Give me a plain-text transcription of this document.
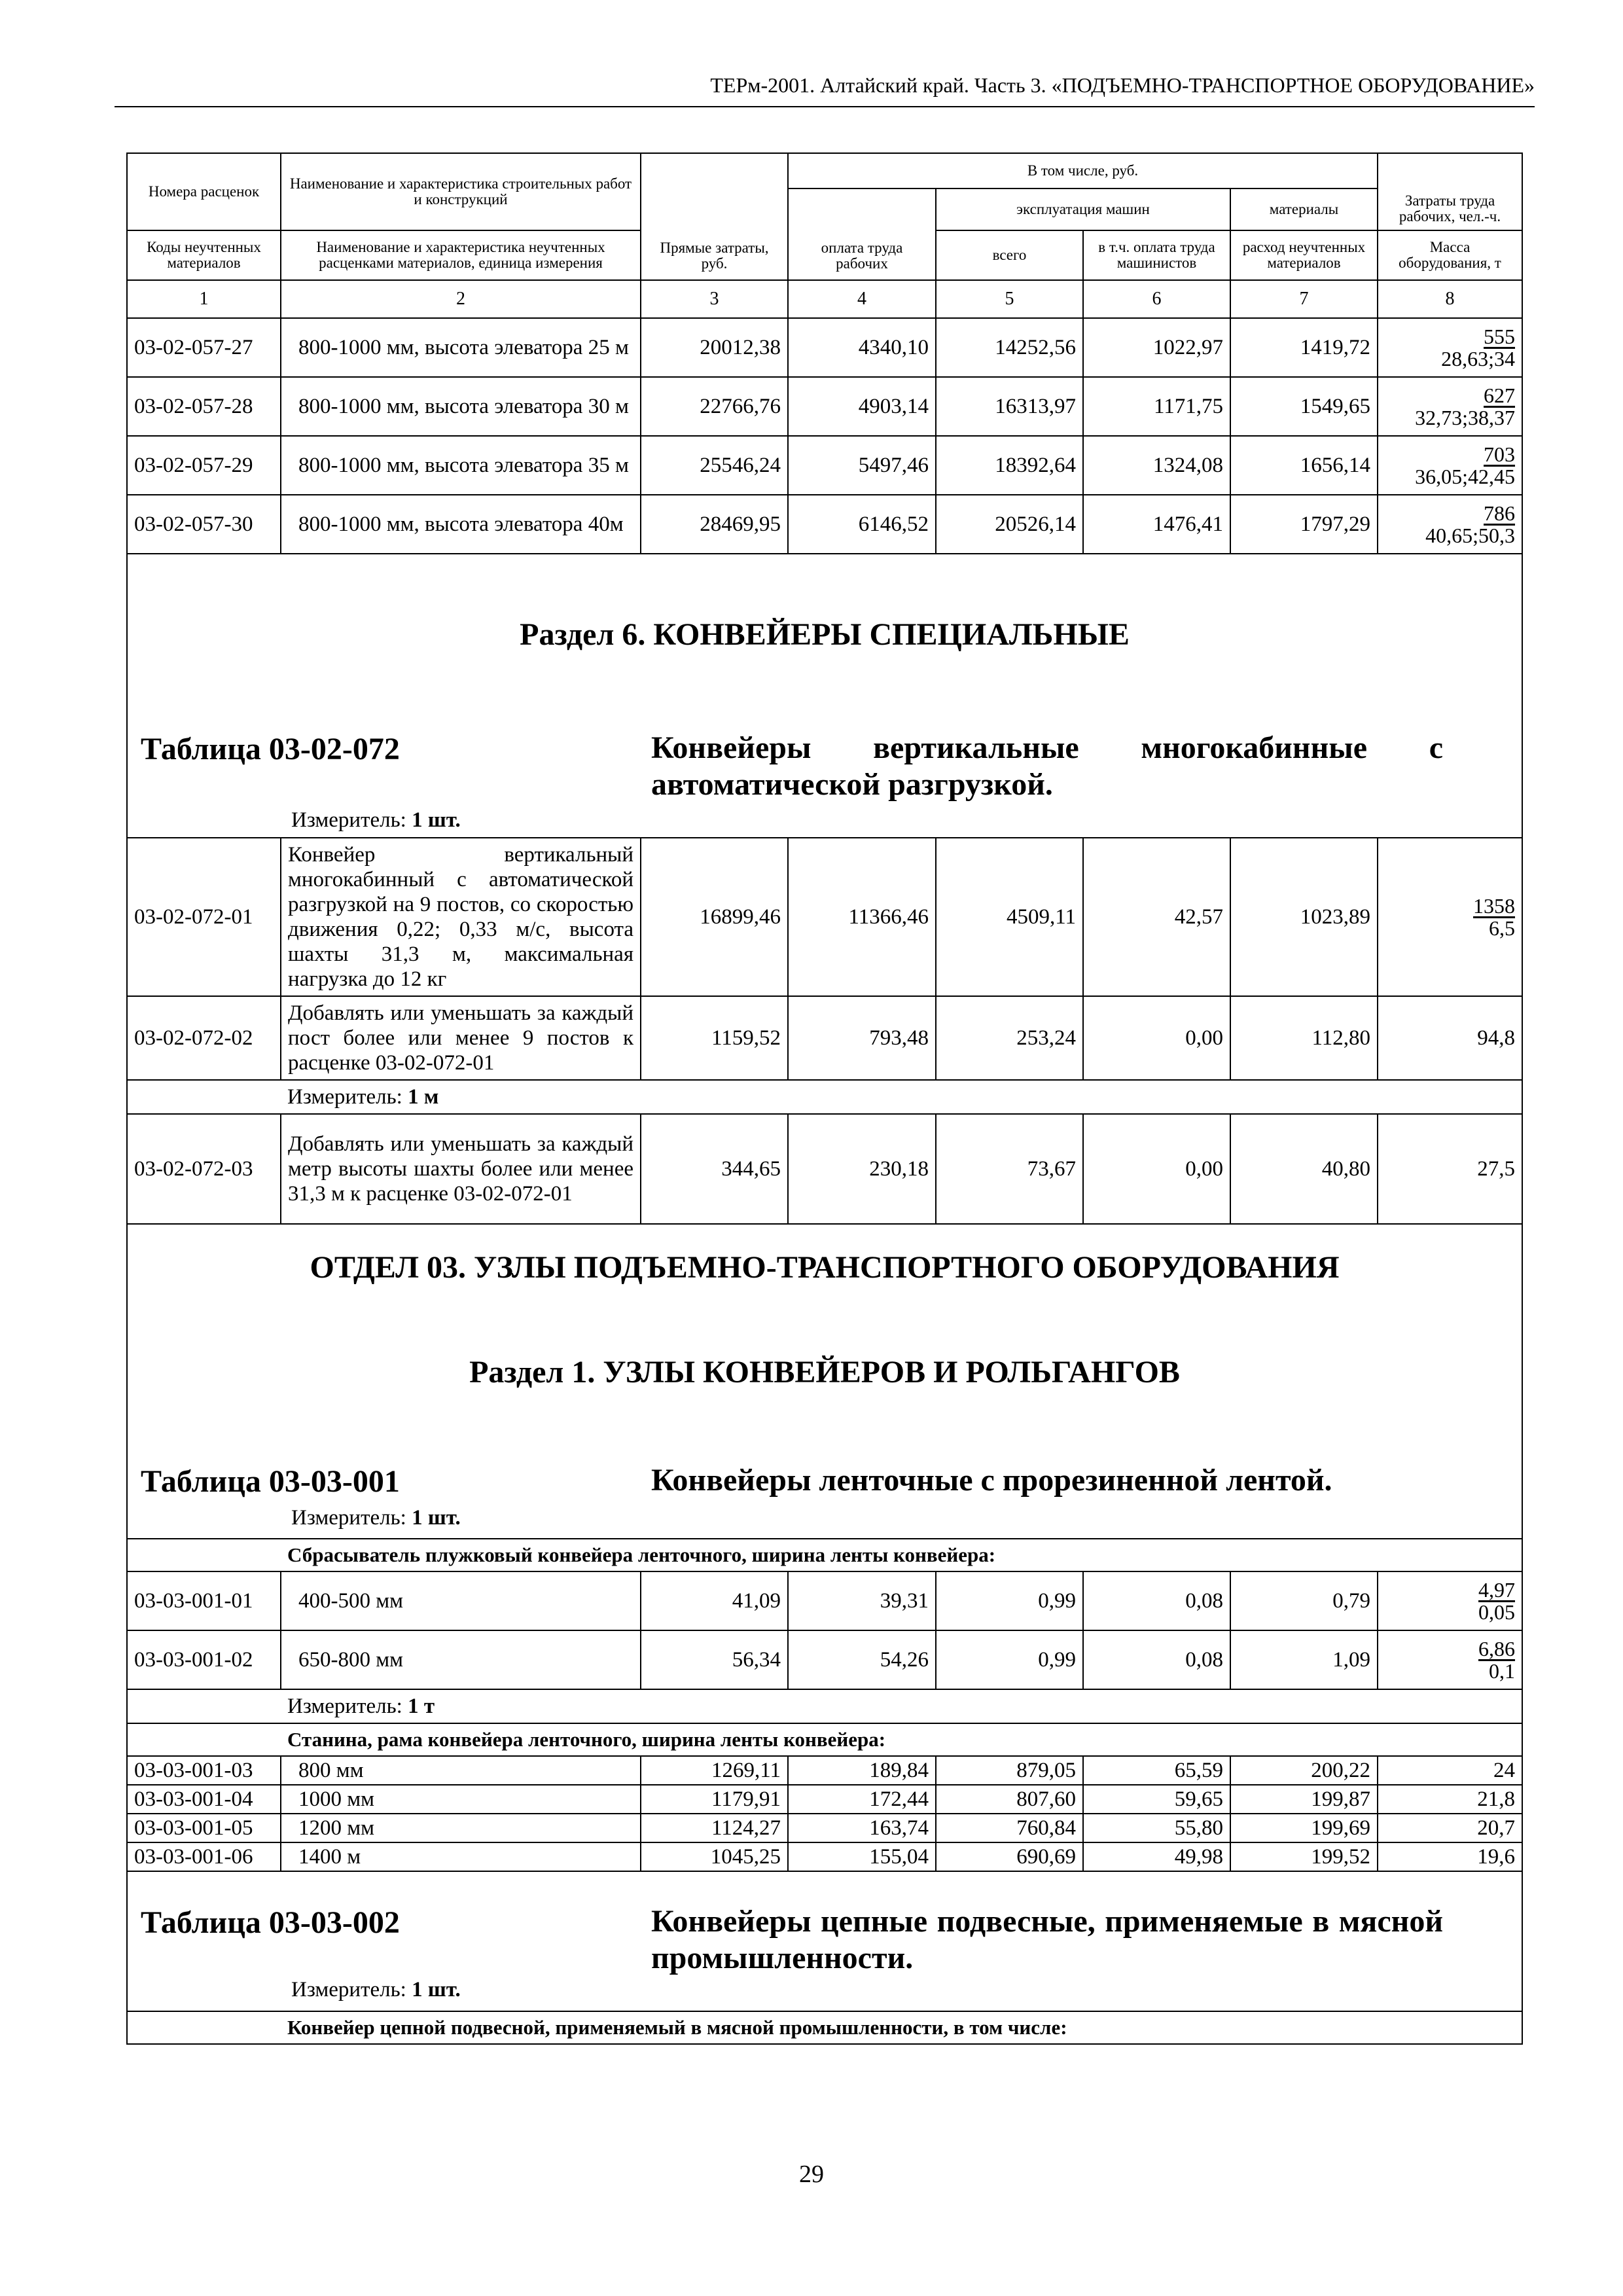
ТЕРм-2001. Алтайский край. Часть 3. «ПОДЪЕМНО-ТРАНСПОРТНОЕ ОБОРУДОВАНИЕ»
Номера расценок	Наименование и характеристика строительных работ и конструкций	Прямые затраты, руб.	В том числе, руб.				Затраты труда рабочих, чел.-ч.
			оплата труда рабочих	эксплуатация машин		материалы	
Коды неучтенных материалов	Наименование и характеристика неучтенных расценками материалов, единица измерения			всего	в т.ч. оплата труда машинистов	расход неучтенных материалов	Масса оборудования, т
1	2	3	4	5	6	7	8
03-02-057-27	800-1000 мм, высота элеватора 25 м	20012,38	4340,10	14252,56	1022,97	1419,72	$\frac{555}{28,63;34}$

03-02-057-28	800-1000 мм, высота элеватора 30 м	22766,76	4903,14	16313,97	1171,75	1549,65	$\frac{627}{32,73;38,37}$

03-02-057-29	800-1000 мм, высота элеватора 35 м	25546,24	5497,46	18392,64	1324,08	1656,14	$\frac{703}{36,05;42,45}$

03-02-057-30	800-1000 мм, высота элеватора 40м	28469,95	6146,52	20526,14	1476,41	1797,29	$\frac{786}{40,65;50,3}$

Раздел 6. КОНВЕЙЕРЫ СПЕЦИАЛЬНЫЕ
Таблица 03-02-072 Конвейеры вертикальные многокабинные с автоматической разгрузкой.
Измеритель: 1 шт.							

03-02-072-01	Конвейер вертикальный многокабинный с автоматической разгрузкой на 9 постов, со скоростью движения 0,22; 0,33 м/с, высота шахты 31,3 м, максимальная нагрузка до 12 кг	16899,46	11366,46	4509,11	42,57	1023,89	$\frac{1358}{6,5}$

03-02-072-02	Добавлять или уменьшать за каждый пост более или менее 9 постов к расценке 03-02-072-01	1159,52	793,48	253,24	0,00	112,80	94,8
	Измеритель: 1 м						
03-02-072-03	Добавлять или уменьшать за каждый метр высоты шахты более или менее 31,3 м к расценке 03-02-072-01	344,65	230,18	73,67	0,00	40,80	27,5

ОТДЕЛ 03. УЗЛЫ ПОДЪЕМНО-ТРАНСПОРТНОГО ОБОРУДОВАНИЯ
Раздел 1. УЗЛЫ КОНВЕЙЕРОВ И РОЛЬГАНГОВ
Таблица 03-03-001 Конвейеры ленточные с прорезиненной лентой.
Измеритель: 1 шт.							

	Сбрасыватель плужковый конвейера ленточного, ширина ленты конвейера:						
03-03-001-01	400-500 мм	41,09	39,31	0,99	0,08	0,79	$\frac{4,97}{0,05}$

03-03-001-02	650-800 мм	56,34	54,26	0,99	0,08	1,09	$\frac{6,86}{0,1}$

	Измеритель: 1 т						
	Станина, рама конвейера ленточного, ширина ленты конвейера:						
03-03-001-03	800 мм	1269,11	189,84	879,05	65,59	200,22	24
03-03-001-04	1000 мм	1179,91	172,44	807,60	59,65	199,87	21,8
03-03-001-05	1200 мм	1124,27	163,74	760,84	55,80	199,69	20,7
03-03-001-06	1400 м	1045,25	155,04	690,69	49,98	199,52	19,6

Таблица 03-03-002 Конвейеры цепные подвесные, применяемые в мясной промышленности.
Измеритель: 1 шт.							

	Конвейер цепной подвесной, применяемый в мясной промышленности, в том числе:						
29
